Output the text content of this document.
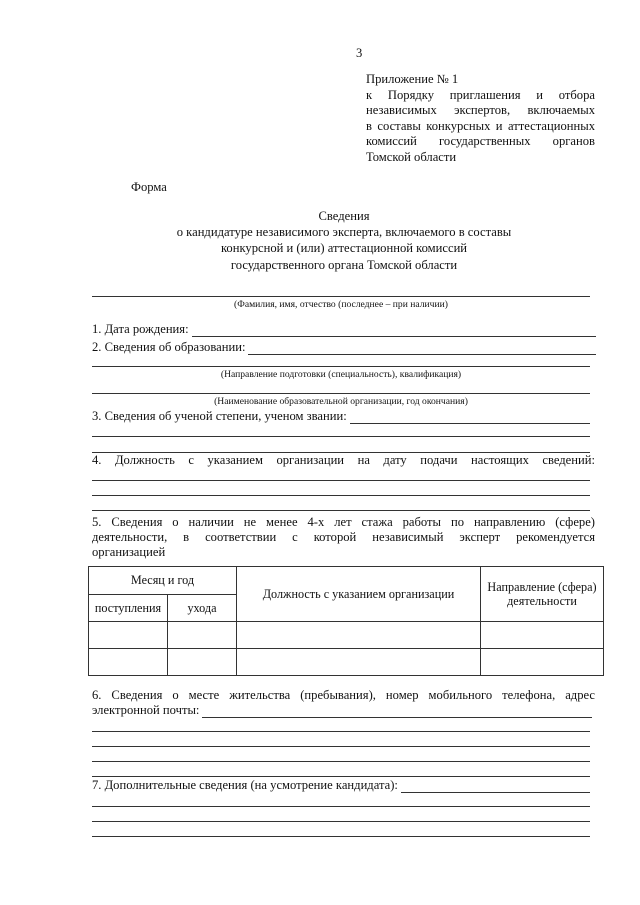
3
Приложение № 1
к Порядку приглашения и отбора
независимых экспертов, включаемых
в составы конкурсных и аттестационных
комиссий государственных органов
Томской области
Форма
Сведения
о кандидатуре независимого эксперта, включаемого в составы
конкурсной и (или) аттестационной комиссий
государственного органа Томской области
(Фамилия, имя, отчество (последнее – при наличии)
1. Дата рождения:
2. Сведения об образовании:
(Направление подготовки (специальность), квалификация)
(Наименование образовательной организации, год окончания)
3. Сведения об ученой степени, ученом звании:
4. Должность с указанием организации на дату подачи настоящих сведений:
5. Сведения о наличии не менее 4-х лет стажа работы по направлению (сфере)
деятельности, в соответствии с которой независимый эксперт рекомендуется
организацией
Месяц и год		Должность с указанием организации	Направление (сфера) деятельности
поступления	ухода		

6. Сведения о месте жительства (пребывания), номер мобильного телефона, адрес
электронной почты:
7. Дополнительные сведения (на усмотрение кандидата):
